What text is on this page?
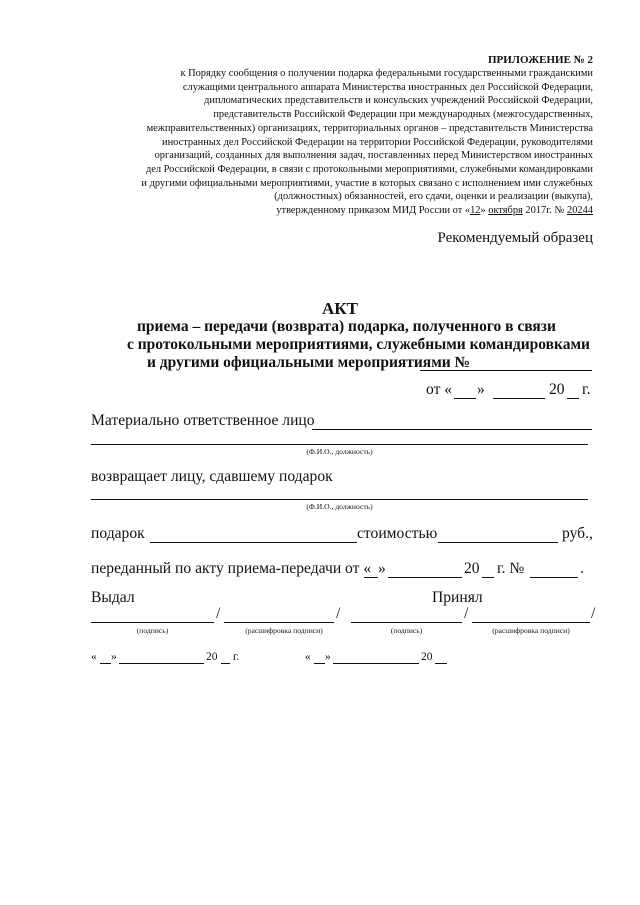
ПРИЛОЖЕНИЕ № 2
к Порядку сообщения о получении подарка федеральными государственными гражданскими
служащими центрального аппарата Министерства иностранных дел Российской Федерации,
дипломатических представительств и консульских учреждений Российской Федерации,
представительств Российской Федерации при международных (межгосударственных,
межправительственных) организациях, территориальных органов – представительств Министерства
иностранных дел Российской Федерации на территории Российской Федерации, руководителями
организаций, созданных для выполнения задач, поставленных перед Министерством иностранных
дел Российской Федерации, в связи с протокольными мероприятиями, служебными командировками
и другими официальными мероприятиями, участие в которых связано с исполнением ими служебных
(должностных) обязанностей, его сдачи, оценки и реализации (выкупа),
утвержденному приказом МИД России от «12» октября 2017г. № 20244
Рекомендуемый образец
АКТ
приема – передачи (возврата) подарка, полученного в связи
с протокольными мероприятиями, служебными командировками
и другими официальными мероприятиями №
от « »	20 г.
Материально ответственное лицо
(Ф.И.О., должность)
возвращает лицу, сдавшему подарок
(Ф.И.О., должность)
подарок	стоимостью	руб.,
переданный по акту приема-передачи от « »	20 г. №	.
Выдал	Принял
/	/	/	/
(подпись)	(расшифровка подписи)	(подпись)	(расшифровка подписи)
« »	20 г.	« »	20
